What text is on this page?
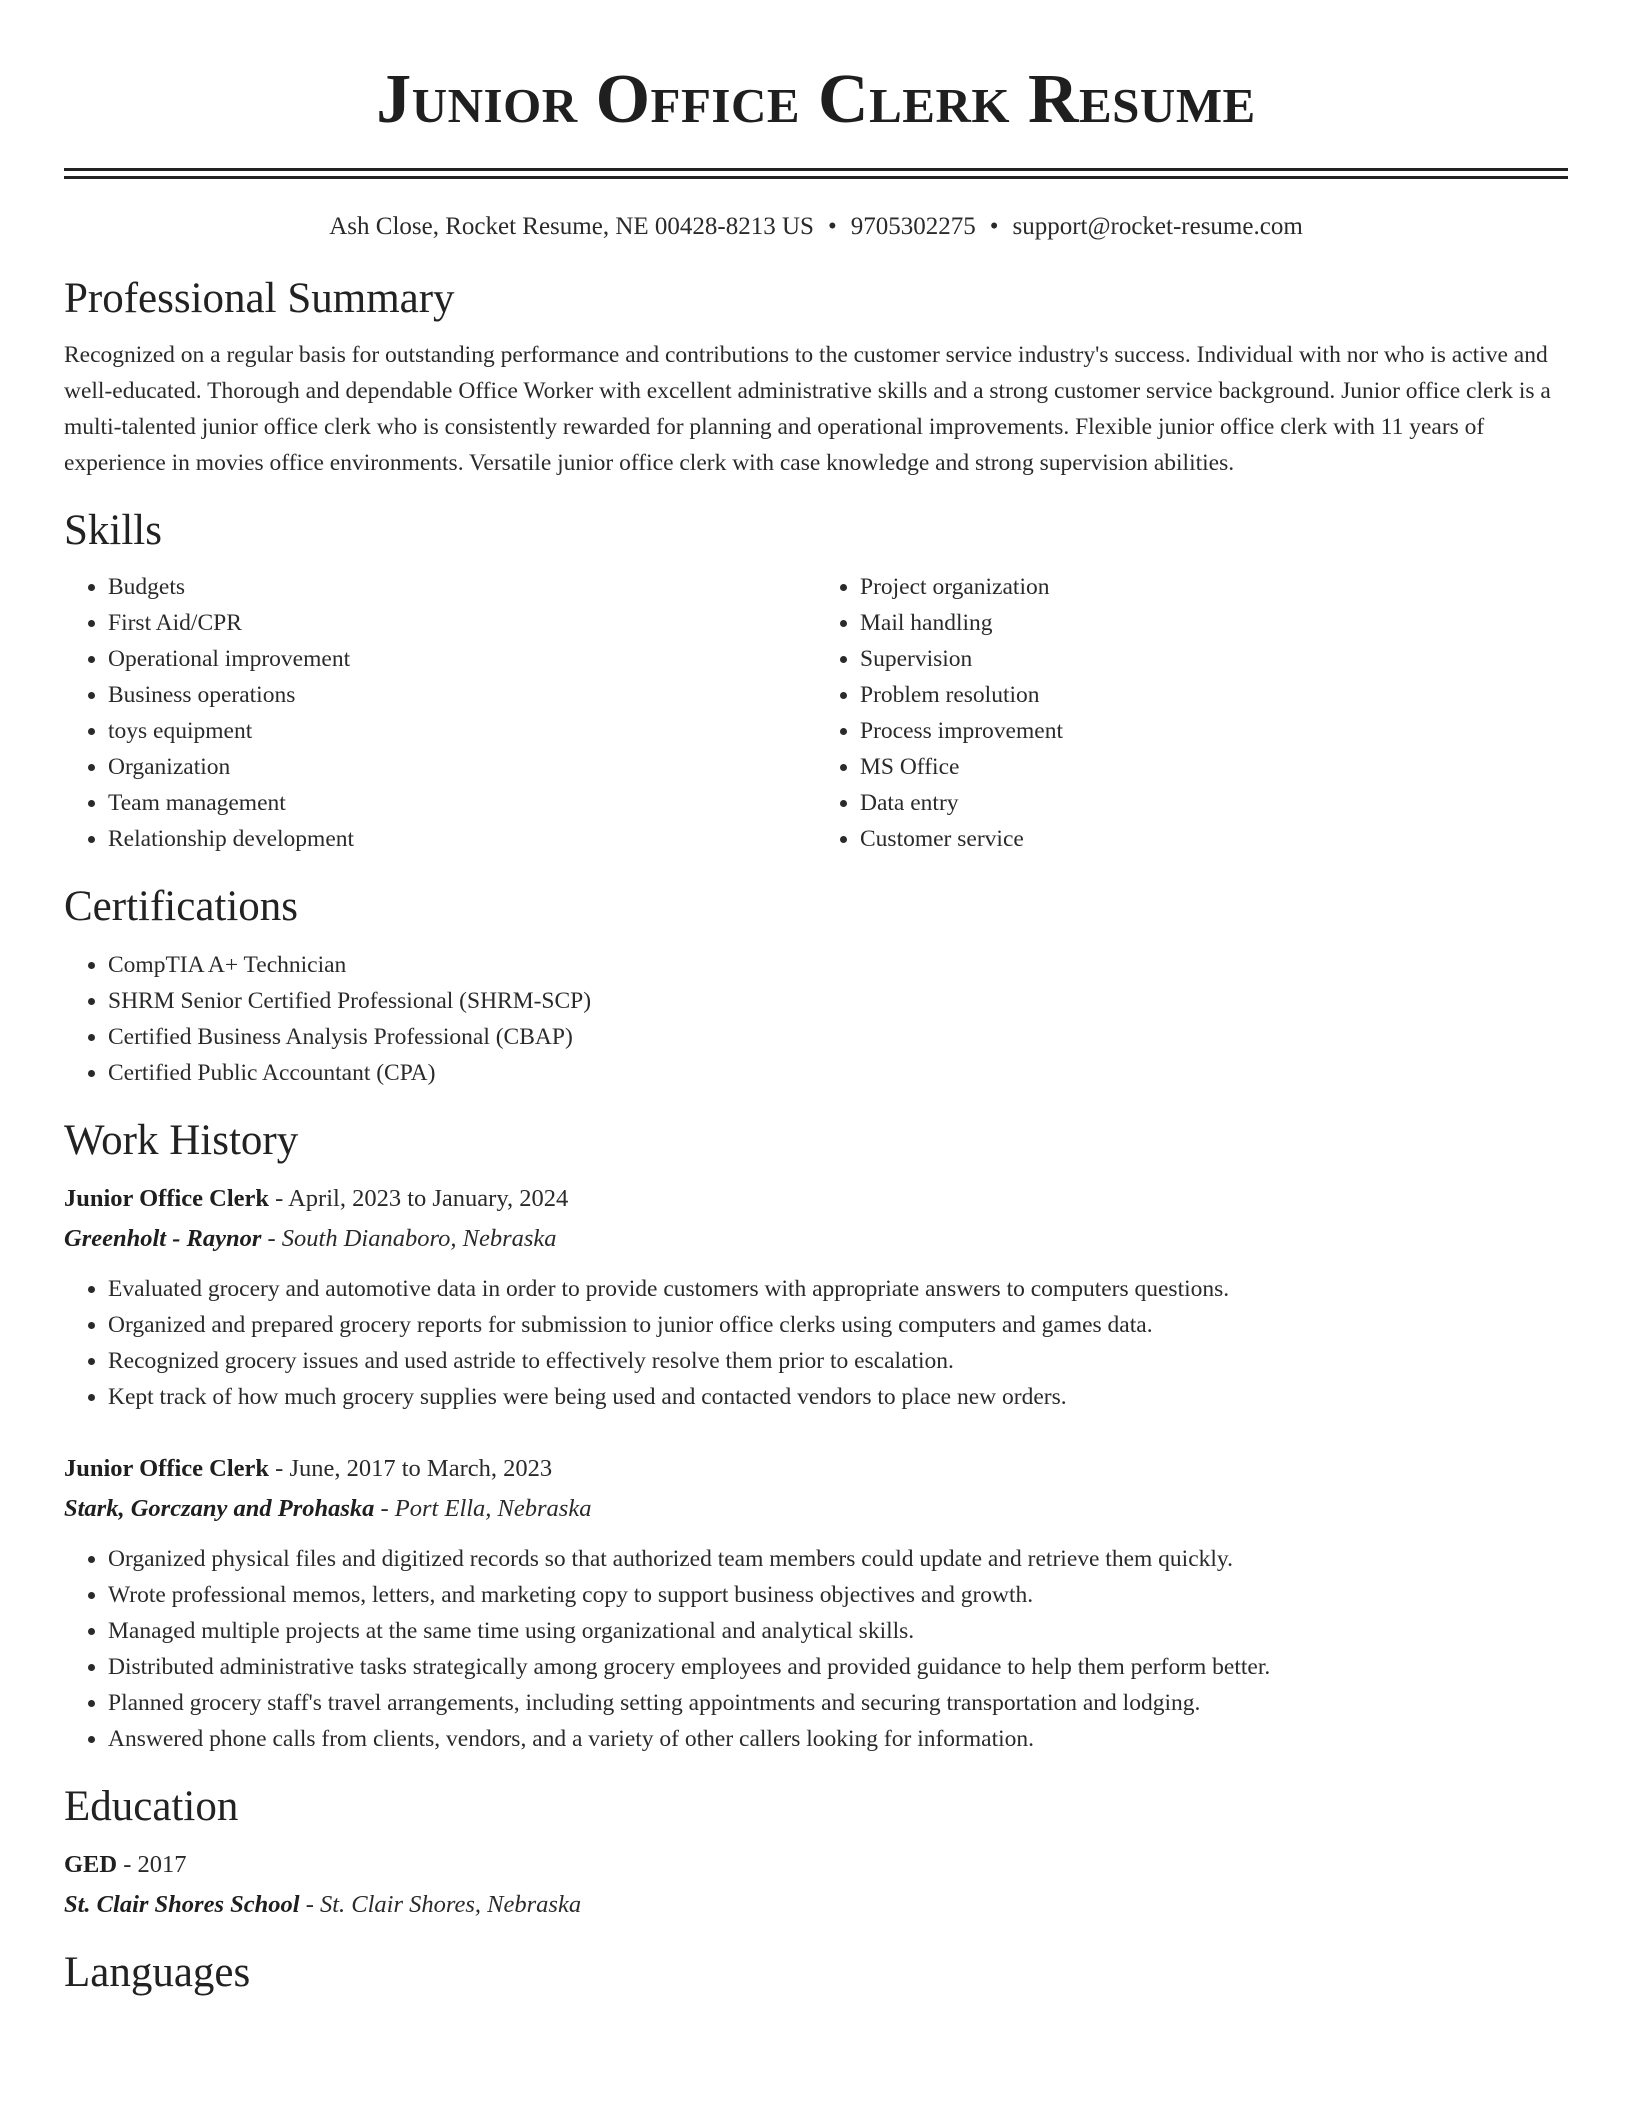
Junior Office Clerk Resume
Ash Close, Rocket Resume, NE 00428-8213 US • 9705302275 • support@rocket-resume.com
Professional Summary

Recognized on a regular basis for outstanding performance and contributions to the customer service industry's success. Individual with nor who is active and well-educated. Thorough and dependable Office Worker with excellent administrative skills and a strong customer service background. Junior office clerk is a multi-talented junior office clerk who is consistently rewarded for planning and operational improvements. Flexible junior office clerk with 11 years of experience in movies office environments. Versatile junior office clerk with case knowledge and strong supervision abilities.

Skills
• Budgets
• First Aid/CPR
• Operational improvement
• Business operations
• toys equipment
• Organization
• Team management
• Relationship development
• Project organization
• Mail handling
• Supervision
• Problem resolution
• Process improvement
• MS Office
• Data entry
• Customer service
Certifications
• CompTIA A+ Technician
• SHRM Senior Certified Professional (SHRM-SCP)
• Certified Business Analysis Professional (CBAP)
• Certified Public Accountant (CPA)
Work History
Junior Office Clerk - April, 2023 to January, 2024
Greenholt - Raynor - South Dianaboro, Nebraska
• Evaluated grocery and automotive data in order to provide customers with appropriate answers to computers questions.
• Organized and prepared grocery reports for submission to junior office clerks using computers and games data.
• Recognized grocery issues and used astride to effectively resolve them prior to escalation.
• Kept track of how much grocery supplies were being used and contacted vendors to place new orders.
Junior Office Clerk - June, 2017 to March, 2023
Stark, Gorczany and Prohaska - Port Ella, Nebraska
• Organized physical files and digitized records so that authorized team members could update and retrieve them quickly.
• Wrote professional memos, letters, and marketing copy to support business objectives and growth.
• Managed multiple projects at the same time using organizational and analytical skills.
• Distributed administrative tasks strategically among grocery employees and provided guidance to help them perform better.
• Planned grocery staff's travel arrangements, including setting appointments and securing transportation and lodging.
• Answered phone calls from clients, vendors, and a variety of other callers looking for information.
Education
GED - 2017
St. Clair Shores School - St. Clair Shores, Nebraska
Languages
